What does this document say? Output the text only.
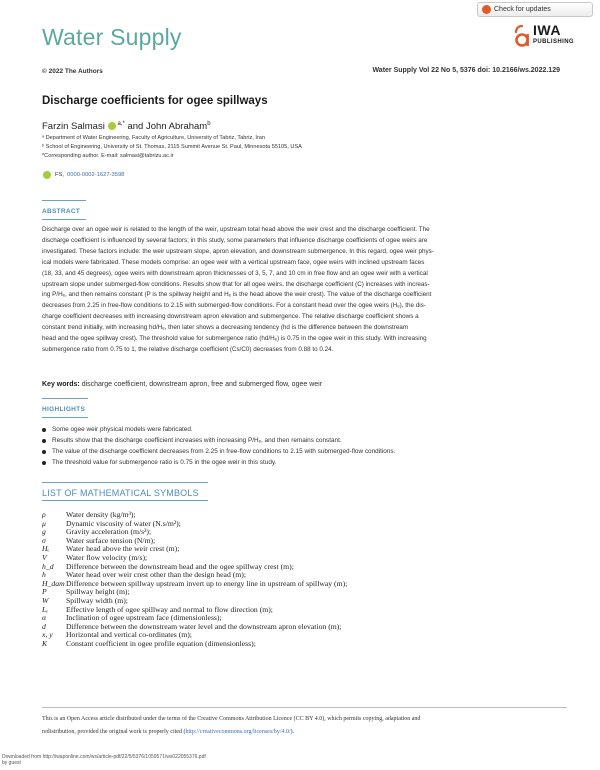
Check for updates
Water Supply	IWA
PUBLISHING
© 2022 The Authors	Water Supply Vol 22 No 5, 5376 doi: 10.2166/ws.2022.129
Discharge coefficients for ogee spillways
Farzin Salmasi $^{a,*}$ and John Abraham$^b$
ᵃ Department of Water Engineering, Faculty of Agriculture, University of Tabriz, Tabriz, Iran
ᵇ School of Engineering, University of St. Thomas, 2115 Summit Avenue St. Paul, Minnesota 55105, USA
*Corresponding author. E-mail: salmasi@tabrizu.ac.ir
FS, 0000-0002-1627-3598
ABSTRACT
Discharge over an ogee weir is related to the length of the weir, upstream total head above the weir crest and the discharge coefficient. The
discharge coefficient is influenced by several factors; in this study, some parameters that influence discharge coefficients of ogee weirs are
investigated. These factors include: the weir upstream slope, apron elevation, and downstream submergence. In this regard, ogee weir phys-
ical models were fabricated. These models comprise: an ogee weir with a vertical upstream face, ogee weirs with inclined upstream faces
(18, 33, and 45 degrees), ogee weirs with downstream apron thicknesses of 3, 5, 7, and 10 cm in free flow and an ogee weir with a vertical
upstream slope under submerged-flow conditions. Results show that for all ogee weirs, the discharge coefficient (C) increases with increas-
ing P/Hₑ, and then remains constant (P is the spillway height and Hₑ is the head above the weir crest). The value of the discharge coefficient
decreases from 2.25 in free-flow conditions to 2.15 with submerged-flow conditions. For a constant head over the ogee weirs (Hₑ), the dis-
charge coefficient decreases with increasing downstream apron elevation and submergence. The relative discharge coefficient shows a
constant trend initially, with increasing hd/Hₑ, then later shows a decreasing tendency (hd is the difference between the downstream
head and the ogee spillway crest). The threshold value for submergence ratio (hd/Hₑ) is 0.75 in the ogee weir in this study. With increasing
submergence ratio from 0.75 to 1, the relative discharge coefficient (Cs/C0) decreases from 0.88 to 0.24.
Key words: discharge coefficient, downstream apron, free and submerged flow, ogee weir
HIGHLIGHTS
Some ogee weir physical models were fabricated.
Results show that the discharge coefficient increases with increasing P/Hₑ, and then remains constant.
The value of the discharge coefficient decreases from 2.25 in free-flow conditions to 2.15 with submerged-flow conditions.
The threshold value for submergence ratio is 0.75 in the ogee weir in this study.
LIST OF MATHEMATICAL SYMBOLS
ρ	Water density (kg/m³);
μ	Dynamic viscosity of water (N.s/m²);
g	Gravity acceleration (m/s²);
σ	Water surface tension (N/m);
Hₑ	Water head above the weir crest (m);
V	Water flow velocity (m/s);
h_d	Difference between the downstream head and the ogee spillway crest (m);
h	Water head over weir crest other than the design head (m);
H_dam Difference between spillway upstream invert up to energy line in upstream of spillway (m);
P	Spillway height (m);
W	Spillway width (m);
Lₑ	Effective length of ogee spillway and normal to flow direction (m);
α	Inclination of ogee upstream face (dimensionless);
d	Difference between the downstream water level and the downstream apron elevation (m);
x, y	Horizontal and vertical co-ordinates (m);
K	Constant coefficient in ogee profile equation (dimensionless);
This is an Open Access article distributed under the terms of the Creative Commons Attribution Licence (CC BY 4.0), which permits copying, adaptation and
redistribution, provided the original work is properly cited (http://creativecommons.org/licenses/by/4.0/).
Downloaded from http://iwaponline.com/ws/article-pdf/22/5/5376/1059571/ws022055376.pdf
by guest
